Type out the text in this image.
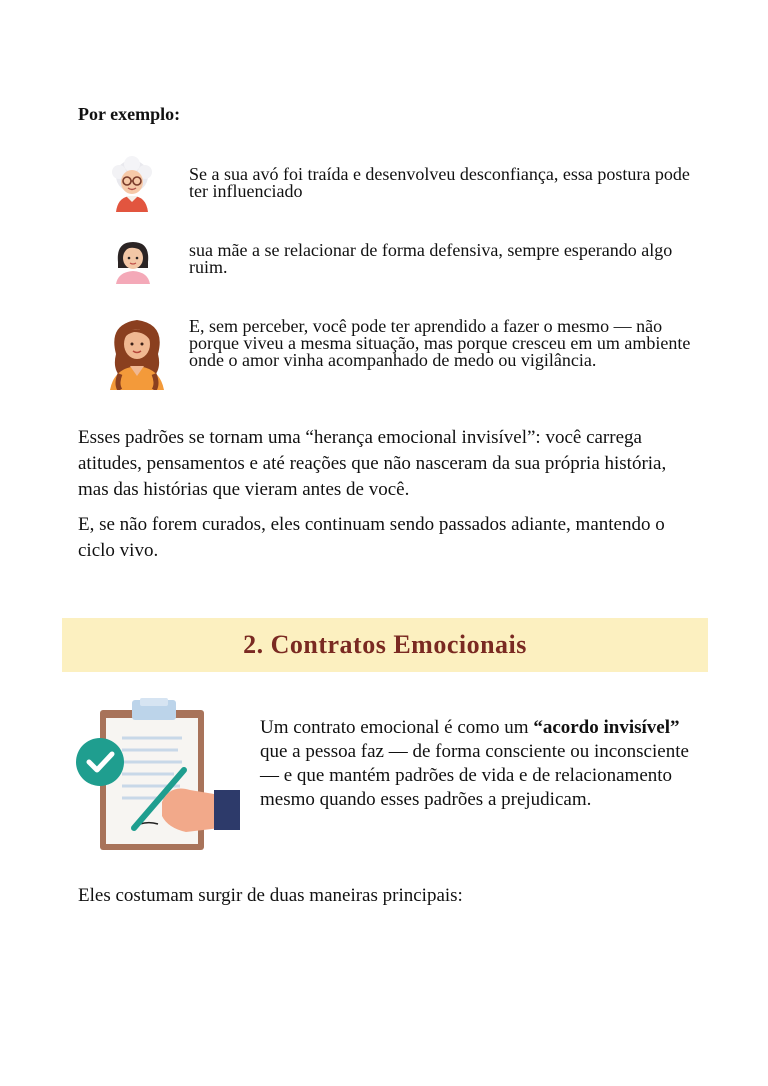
Por exemplo:
Se a sua avó foi traída e desenvolveu desconfiança, essa postura pode ter influenciado
sua mãe a se relacionar de forma defensiva, sempre esperando algo ruim.
E, sem perceber, você pode ter aprendido a fazer o mesmo — não porque viveu a mesma situação, mas porque cresceu em um ambiente onde o amor vinha acompanhado de medo ou vigilância.
Esses padrões se tornam uma “herança emocional invisível”: você carrega atitudes, pensamentos e até reações que não nasceram da sua própria história, mas das histórias que vieram antes de você.
E, se não forem curados, eles continuam sendo passados adiante, mantendo o ciclo vivo.
2. Contratos Emocionais
Um contrato emocional é como um “acordo invisível” que a pessoa faz — de forma consciente ou inconsciente — e que mantém padrões de vida e de relacionamento mesmo quando esses padrões a prejudicam.
Eles costumam surgir de duas maneiras principais:
